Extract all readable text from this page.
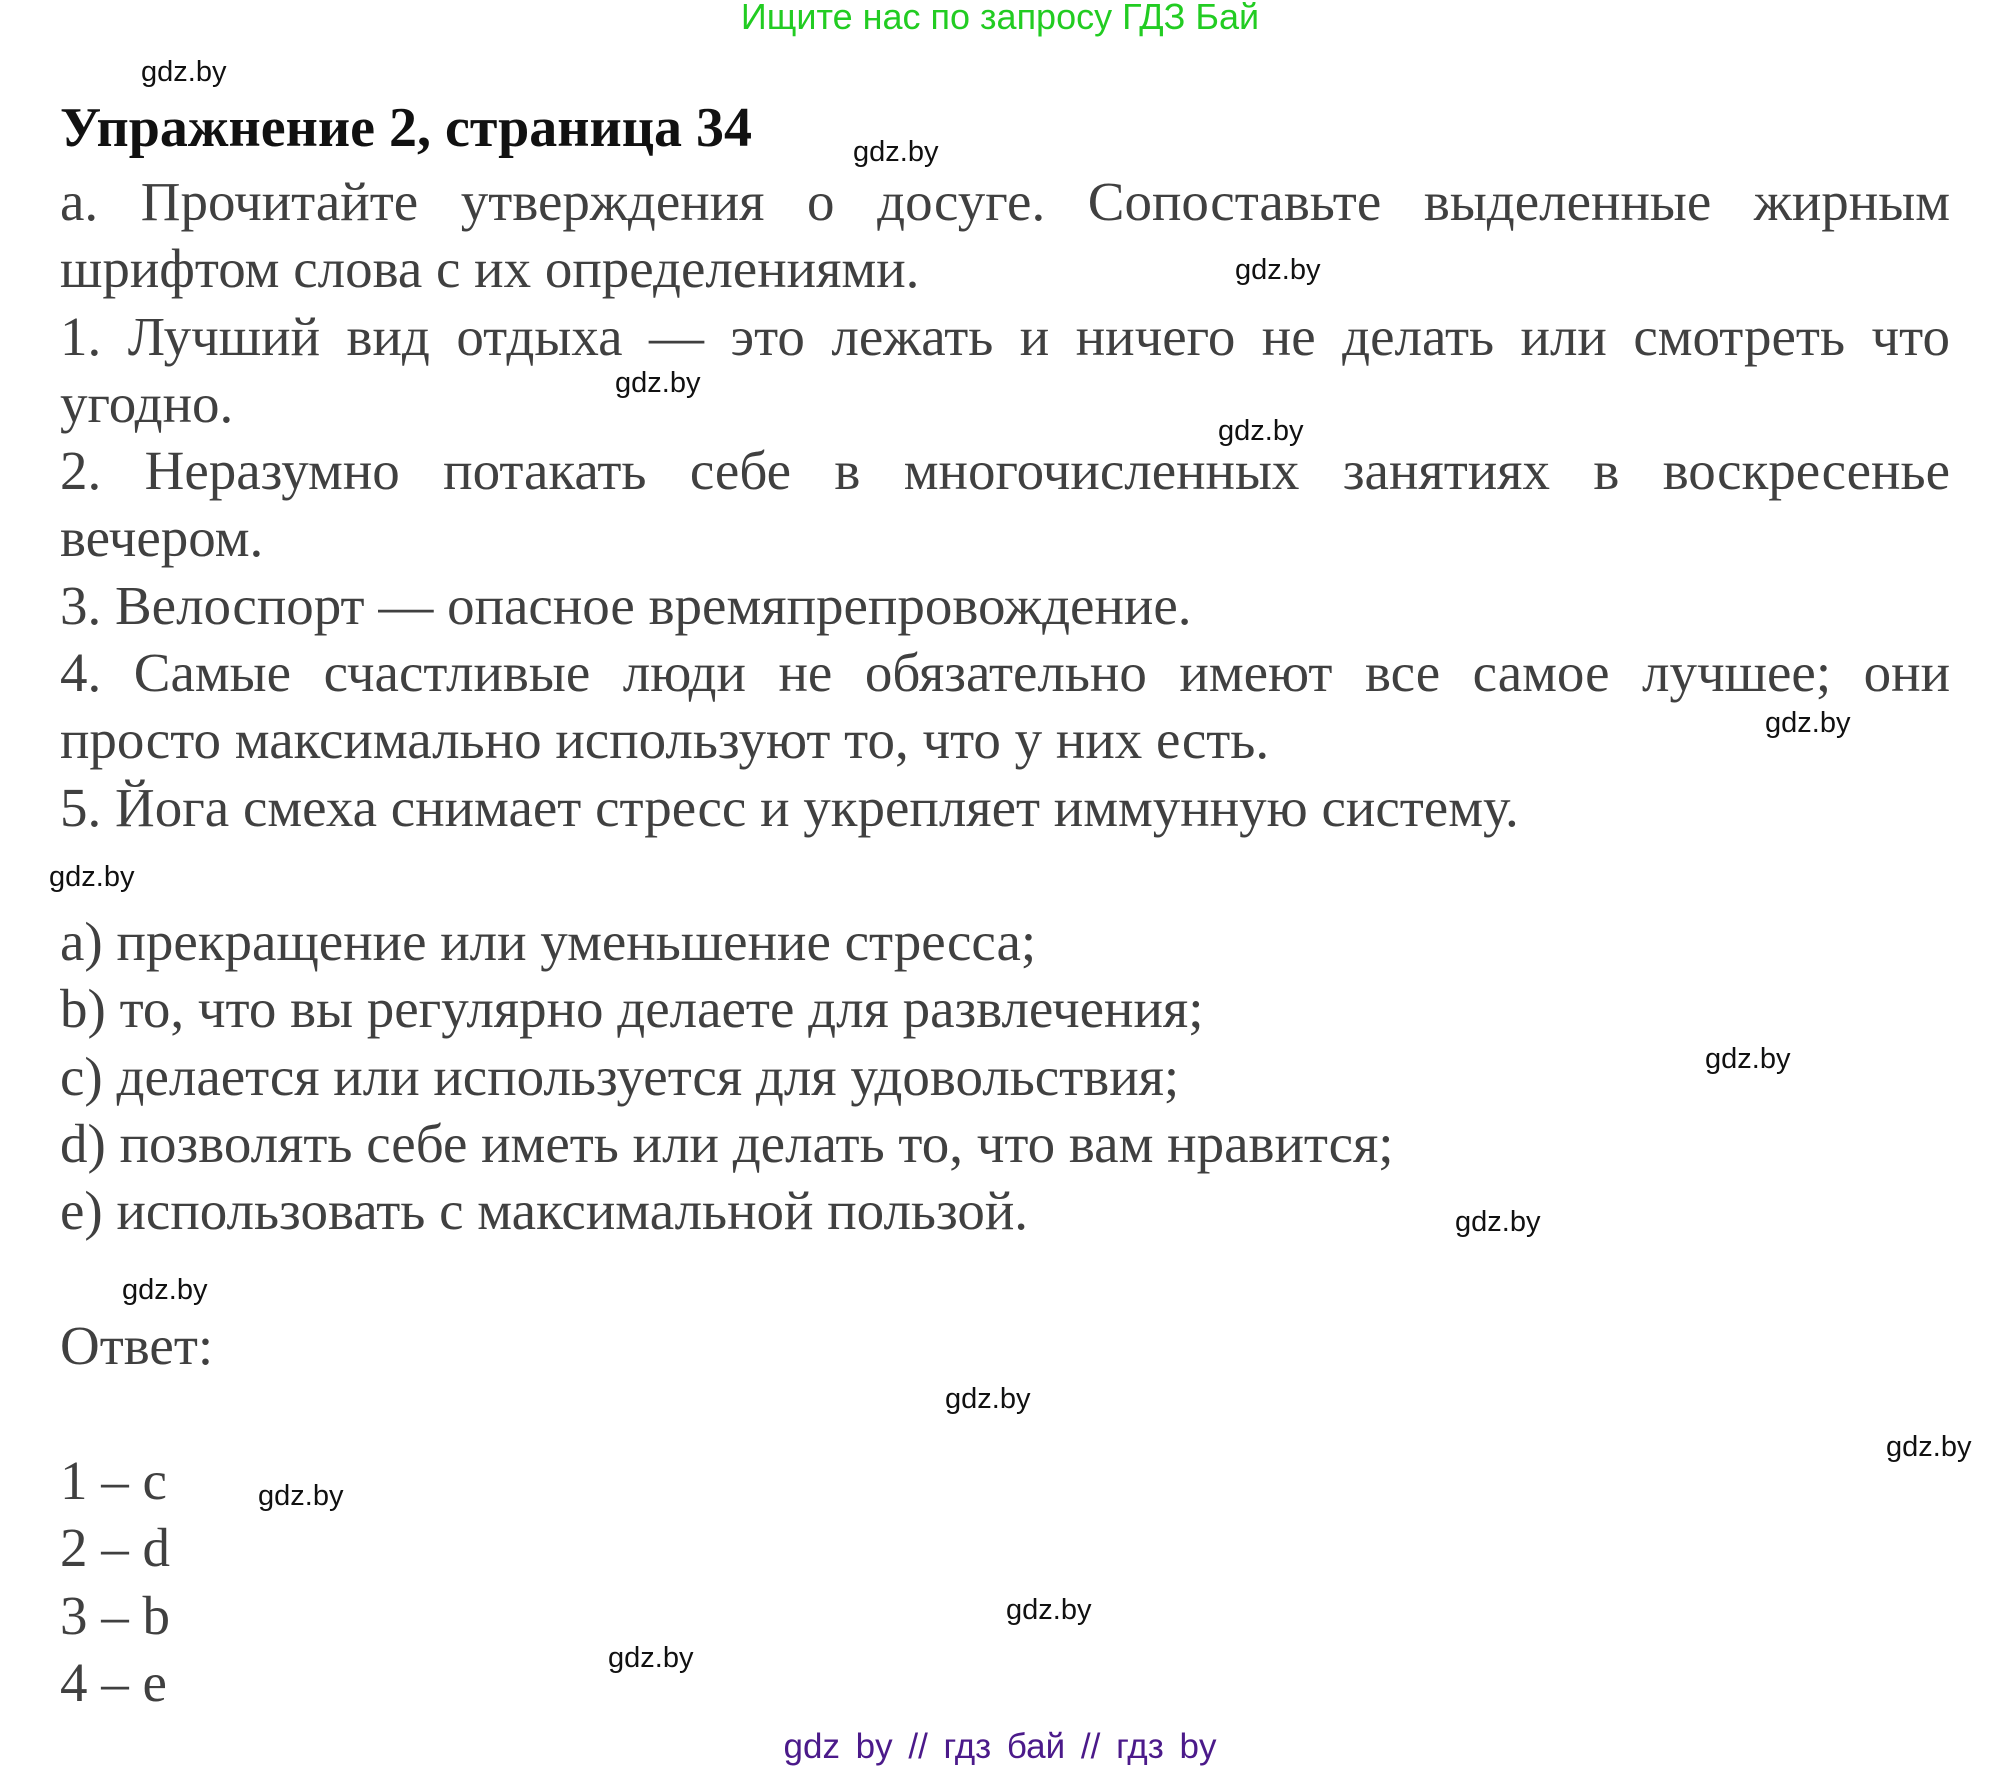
Ищите нас по запросу ГДЗ Бай
Упражнение 2, страница 34
а. Прочитайте утверждения о досуге. Сопоставьте выделенные жирным
шрифтом слова с их определениями.
1. Лучший вид отдыха — это лежать и ничего не делать или смотреть что
угодно.
2. Неразумно потакать себе в многочисленных занятиях в воскресенье
вечером.
3. Велоспорт — опасное времяпрепровождение.
4. Самые счастливые люди не обязательно имеют все самое лучшее; они
просто максимально используют то, что у них есть.
5. Йога смеха снимает стресс и укрепляет иммунную систему.
a) прекращение или уменьшение стресса;
b) то, что вы регулярно делаете для развлечения;
c) делается или используется для удовольствия;
d) позволять себе иметь или делать то, что вам нравится;
e) использовать с максимальной пользой.
Ответ:
1 – c
2 – d
3 – b
4 – e
gdz.by
gdz.by
gdz.by
gdz.by
gdz.by
gdz.by
gdz.by
gdz.by
gdz.by
gdz.by
gdz.by
gdz.by
gdz.by
gdz.by
gdz.by
gdz by // гдз бай // гдз by
